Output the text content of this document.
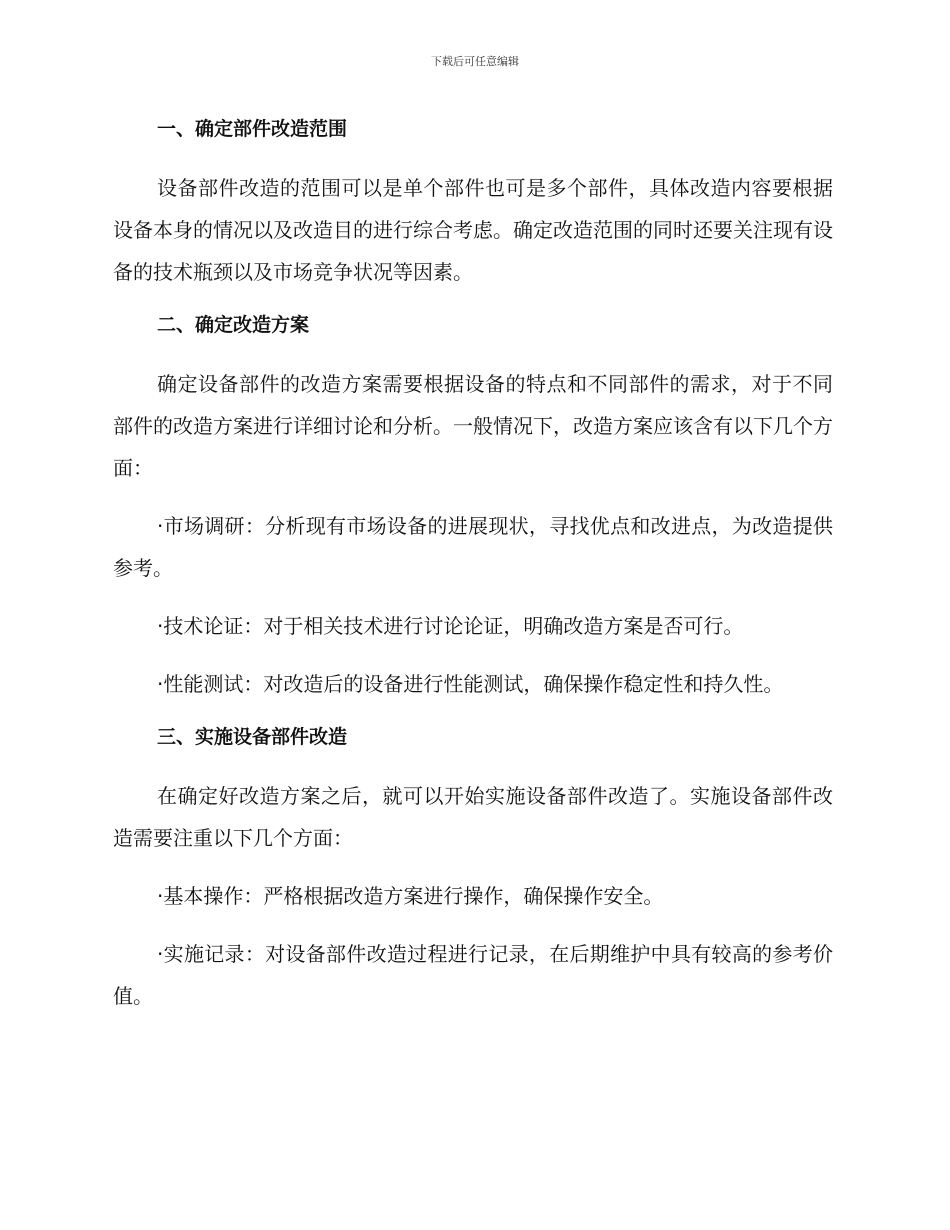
下载后可任意编辑
一、确定部件改造范围
设备部件改造的范围可以是单个部件也可是多个部件，具体改造内容要根据设备本身的情况以及改造目的进行综合考虑。确定改造范围的同时还要关注现有设备的技术瓶颈以及市场竞争状况等因素。
二、确定改造方案
确定设备部件的改造方案需要根据设备的特点和不同部件的需求，对于不同部件的改造方案进行详细讨论和分析。一般情况下，改造方案应该含有以下几个方面：
·市场调研：分析现有市场设备的进展现状，寻找优点和改进点，为改造提供参考。
·技术论证：对于相关技术进行讨论论证，明确改造方案是否可行。
·性能测试：对改造后的设备进行性能测试，确保操作稳定性和持久性。
三、实施设备部件改造
在确定好改造方案之后，就可以开始实施设备部件改造了。实施设备部件改造需要注重以下几个方面：
·基本操作：严格根据改造方案进行操作，确保操作安全。
·实施记录：对设备部件改造过程进行记录，在后期维护中具有较高的参考价值。
